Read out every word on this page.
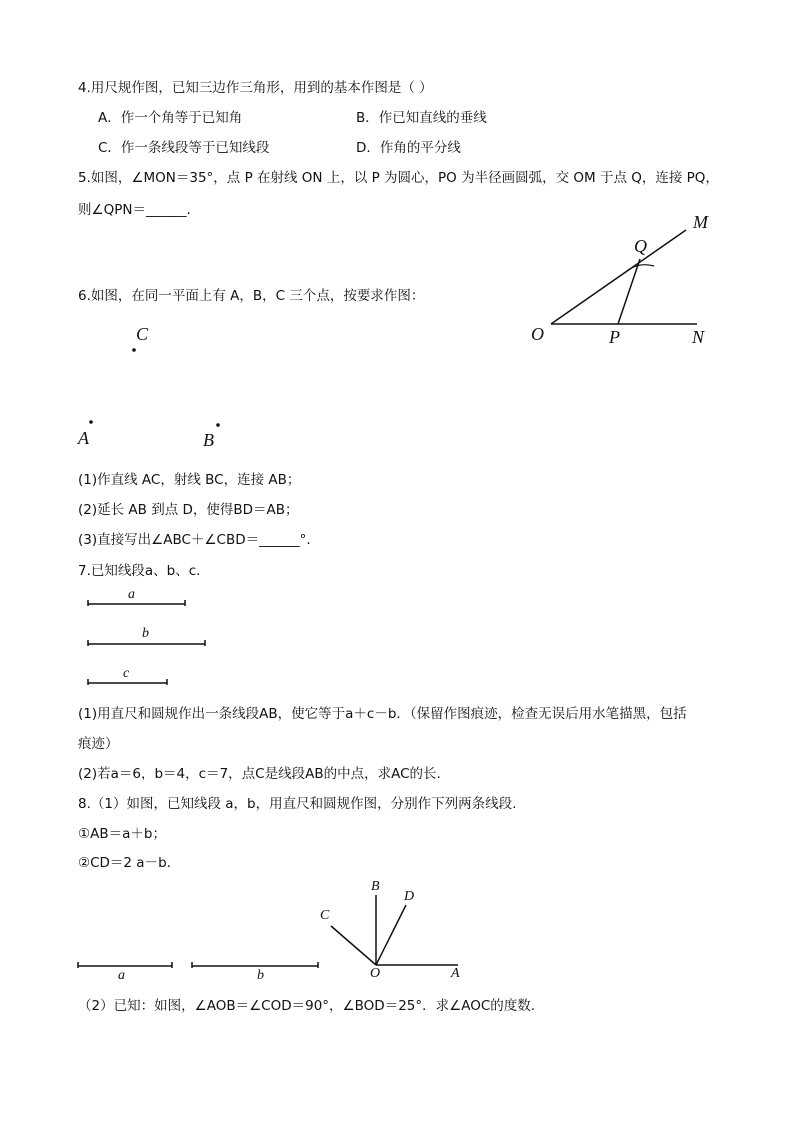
4.用尺规作图，已知三边作三角形，用到的基本作图是（ ）
A．作一个角等于已知角	B．作已知直线的垂线
C．作一条线段等于已知线段	D．作角的平分线
5.如图，∠MON＝35°，点 P 在射线 ON 上，以 P 为圆心，PO 为半径画圆弧，交 OM 于点 Q，连接 PQ，
则∠QPN＝______.
M
Q
O	P	N
6.如图，在同一平面上有 A，B，C 三个点，按要求作图：
C
A	B
(1)作直线 AC，射线 BC，连接 AB；
(2)延长 AB 到点 D，使得BD＝AB；
(3)直接写出∠ABC＋∠CBD＝______°.
7.已知线段a、b、c.
a
b
c
(1)用直尺和圆规作出一条线段AB，使它等于a＋c－b．（保留作图痕迹，检查无误后用水笔描黑，包括
痕迹）
(2)若a＝6，b＝4，c＝7，点C是线段AB的中点，求AC的长.
8.（1）如图，已知线段 a，b，用直尺和圆规作图，分别作下列两条线段.
①AB＝a＋b；
②CD＝2 a－b.
a	b
B
D
C
O	A
（2）已知：如图，∠AOB＝∠COD＝90°，∠BOD＝25°．求∠AOC的度数.
